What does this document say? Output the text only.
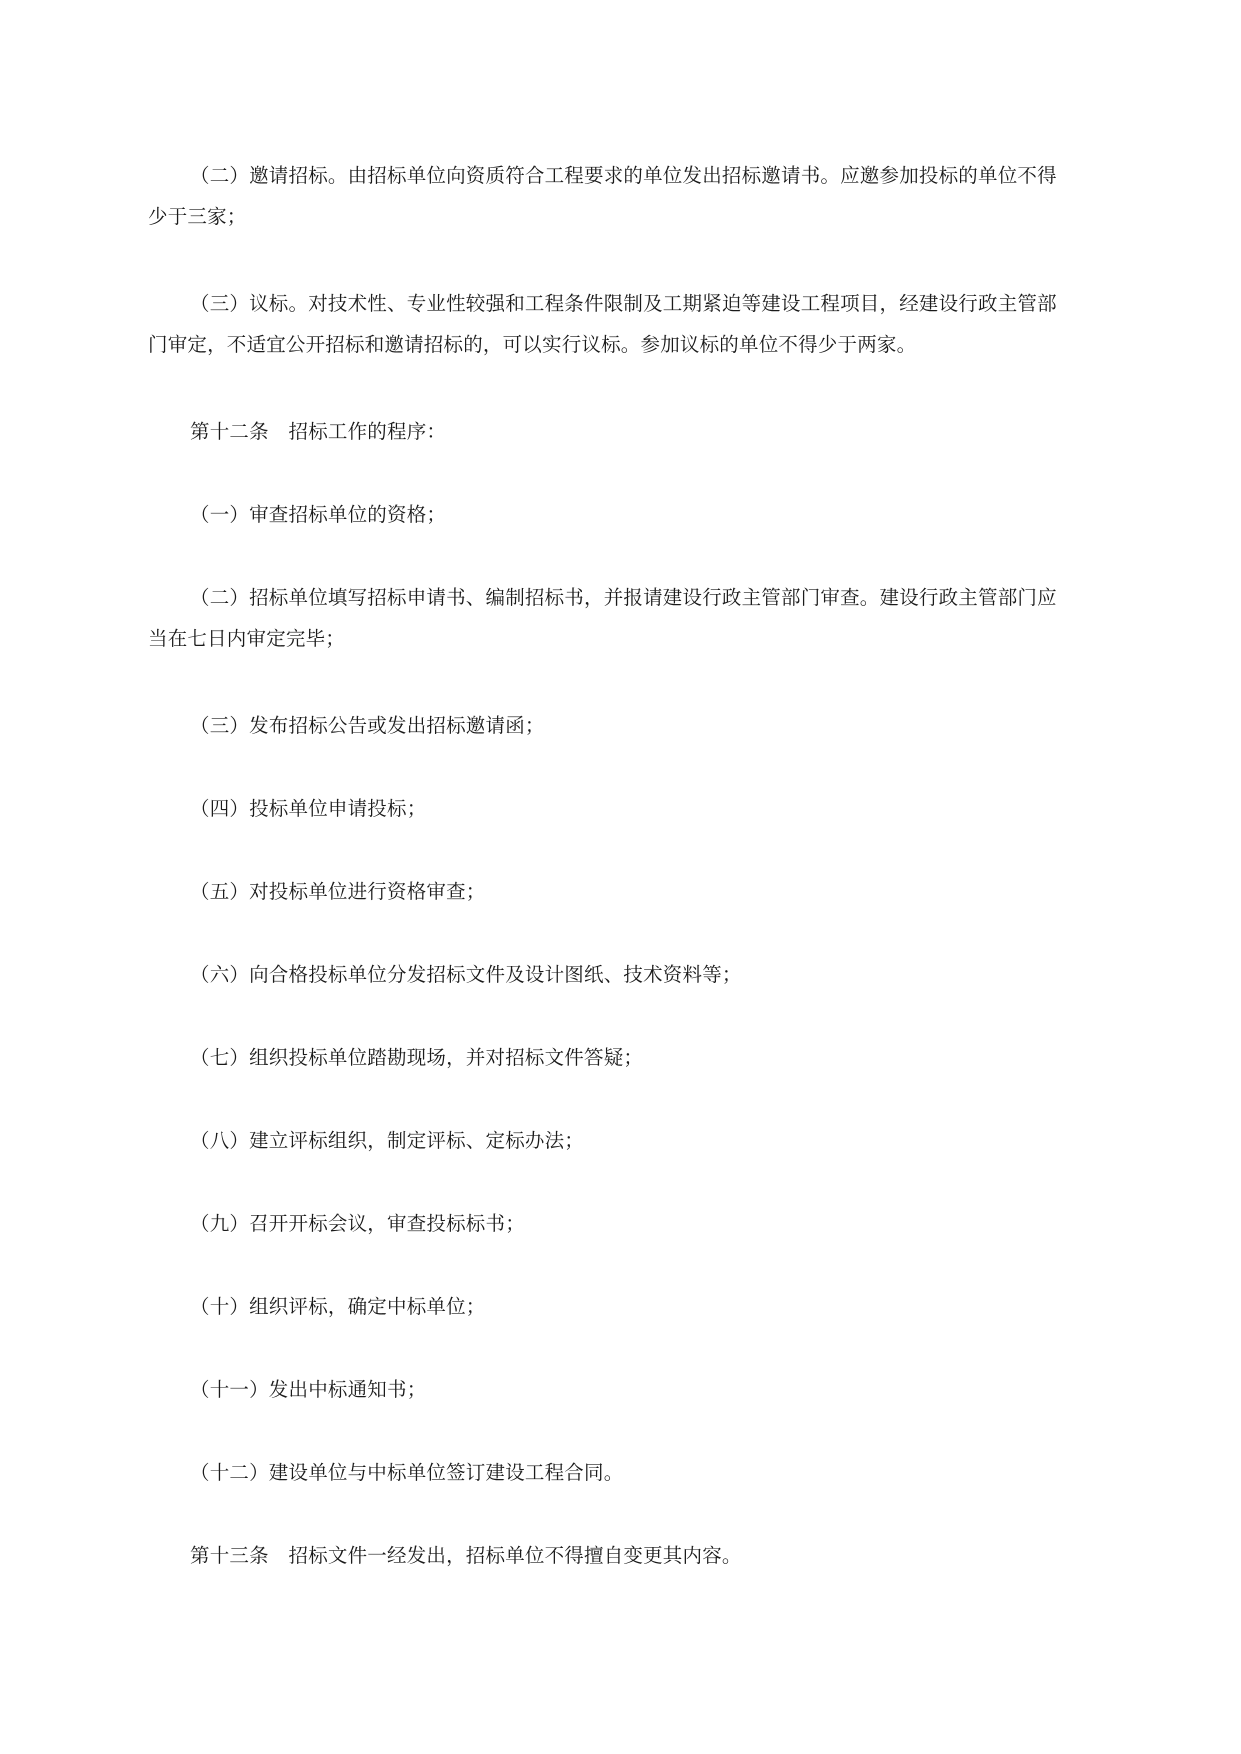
（二）邀请招标。由招标单位向资质符合工程要求的单位发出招标邀请书。应邀参加投标的单位不得

少于三家；

（三）议标。对技术性、专业性较强和工程条件限制及工期紧迫等建设工程项目，经建设行政主管部

门审定，不适宜公开招标和邀请招标的，可以实行议标。参加议标的单位不得少于两家。

第十二条　招标工作的程序：

（一）审查招标单位的资格；

（二）招标单位填写招标申请书、编制招标书，并报请建设行政主管部门审查。建设行政主管部门应

当在七日内审定完毕；

（三）发布招标公告或发出招标邀请函；

（四）投标单位申请投标；

（五）对投标单位进行资格审查；

（六）向合格投标单位分发招标文件及设计图纸、技术资料等；

（七）组织投标单位踏勘现场，并对招标文件答疑；

（八）建立评标组织，制定评标、定标办法；

（九）召开开标会议，审查投标标书；

（十）组织评标，确定中标单位；

（十一）发出中标通知书；

（十二）建设单位与中标单位签订建设工程合同。

第十三条　招标文件一经发出，招标单位不得擅自变更其内容。
